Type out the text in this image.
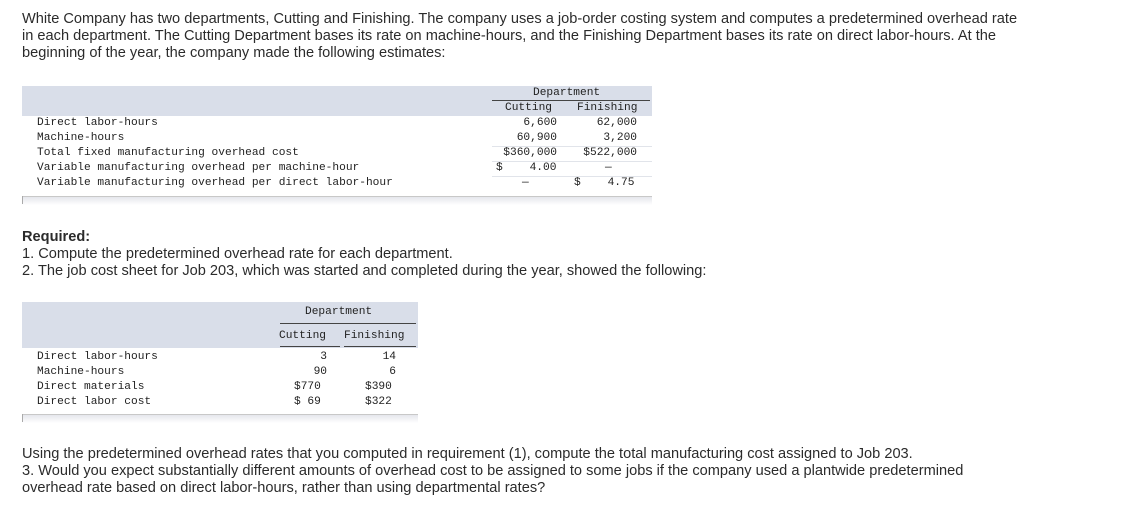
White Company has two departments, Cutting and Finishing. The company uses a job-order costing system and computes a predetermined overhead rate in each department. The Cutting Department bases its rate on machine-hours, and the Finishing Department bases its rate on direct labor-hours. At the beginning of the year, the company made the following estimates:

Department
Cutting Finishing
Direct labor-hours	6,600	62,000
Machine-hours	60,900	3,200
Total fixed manufacturing overhead cost	$360,000	$522,000
Variable manufacturing overhead per machine-hour	$    4.00	—
Variable manufacturing overhead per direct labor-hour	—	$    4.75
Required:
1. Compute the predetermined overhead rate for each department.
2. The job cost sheet for Job 203, which was started and completed during the year, showed the following:
Department
Cutting Finishing
Direct labor-hours	3	14
Machine-hours	90	6
Direct materials	$770	$390
Direct labor cost	$ 69	$322
Using the predetermined overhead rates that you computed in requirement (1), compute the total manufacturing cost assigned to Job 203.
3. Would you expect substantially different amounts of overhead cost to be assigned to some jobs if the company used a plantwide predetermined overhead rate based on direct labor-hours, rather than using departmental rates?
